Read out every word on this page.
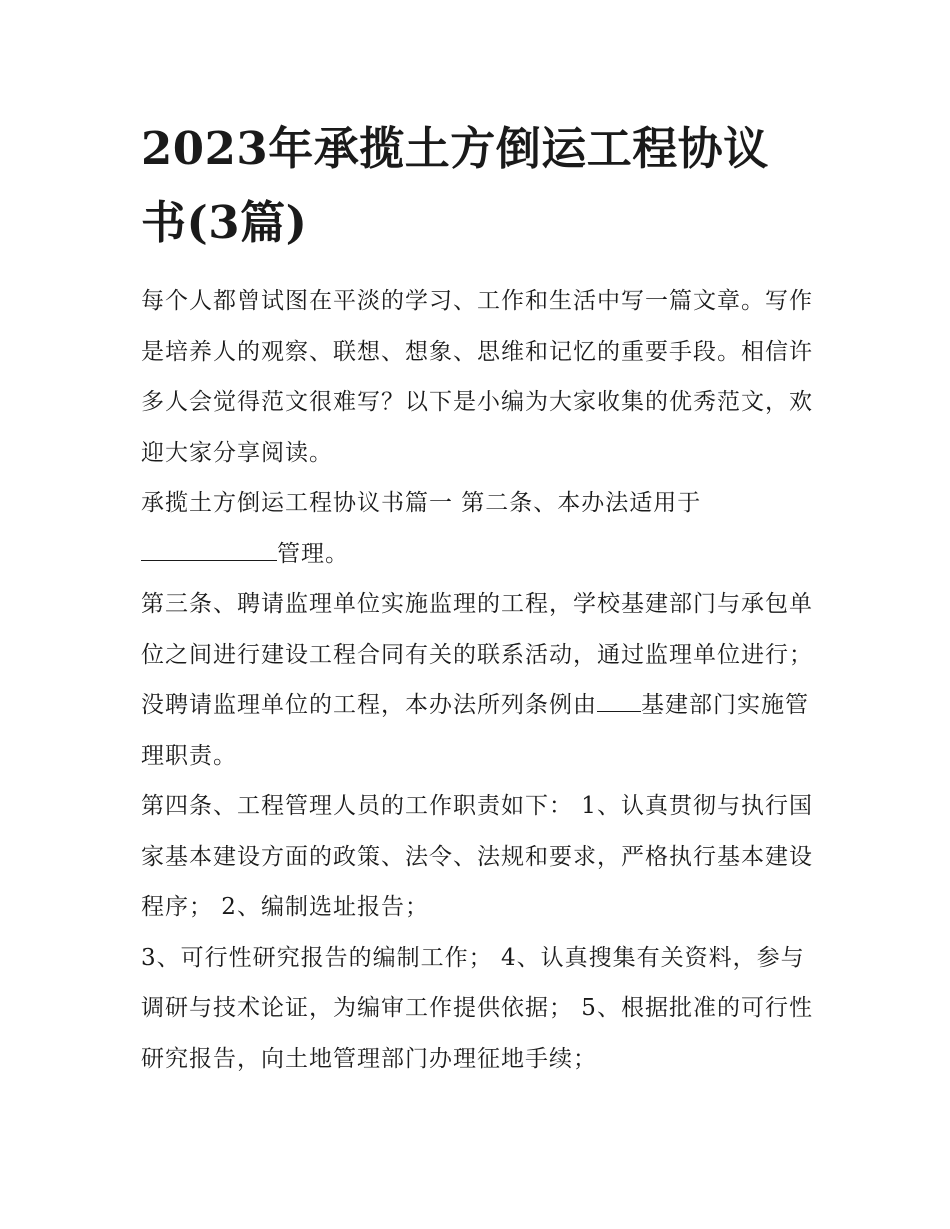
2023年承揽土方倒运工程协议书(3篇)

每个人都曾试图在平淡的学习、工作和生活中写一篇文章。写作是培养人的观察、联想、想象、思维和记忆的重要手段。相信许多人会觉得范文很难写？以下是小编为大家收集的优秀范文，欢迎大家分享阅读。

承揽土方倒运工程协议书篇一 第二条、本办法适用于管理。

第三条、聘请监理单位实施监理的工程，学校基建部门与承包单位之间进行建设工程合同有关的联系活动，通过监理单位进行；没聘请监理单位的工程，本办法所列条例由 基建部门实施管理职责。

第四条、工程管理人员的工作职责如下： 1、认真贯彻与执行国家基本建设方面的政策、法令、法规和要求，严格执行基本建设程序； 2、编制选址报告；

3、可行性研究报告的编制工作； 4、认真搜集有关资料，参与调研与技术论证，为编审工作提供依据； 5、根据批准的可行性研究报告，向土地管理部门办理征地手续；
